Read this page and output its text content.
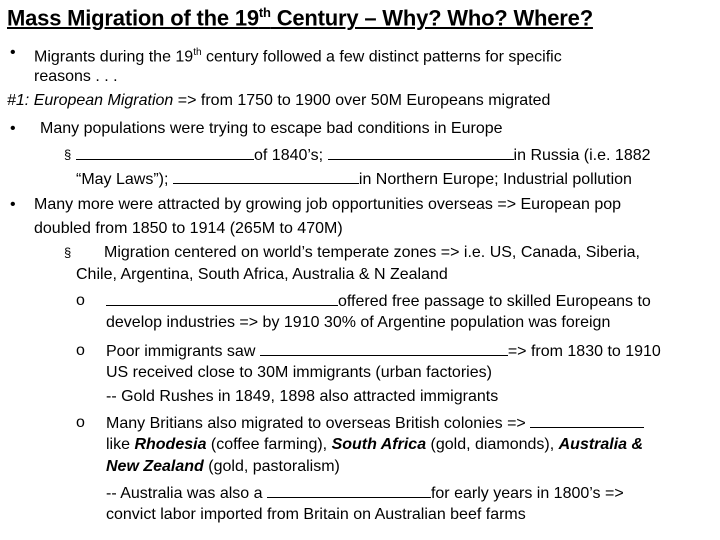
Mass Migration of the 19th Century – Why? Who? Where?
• Migrants during the 19th century followed a few distinct patterns for specific
reasons . . .
#1: European Migration => from 1750 to 1900 over 50M Europeans migrated
• Many populations were trying to escape bad conditions in Europe
§	of 1840’s;	in Russia (i.e. 1882
“May Laws”);	in Northern Europe; Industrial pollution
• Many more were attracted by growing job opportunities overseas => European pop
doubled from 1850 to 1914 (265M to 470M)
§ Migration centered on world’s temperate zones => i.e. US, Canada, Siberia,
Chile, Argentina, South Africa, Australia & N Zealand
o	offered free passage to skilled Europeans to
develop industries => by 1910 30% of Argentine population was foreign
o Poor immigrants saw	=> from 1830 to 1910
US received close to 30M immigrants (urban factories)
-- Gold Rushes in 1849, 1898 also attracted immigrants
o Many Britians also migrated to overseas British colonies =>
like Rhodesia (coffee farming), South Africa (gold, diamonds), Australia &
New Zealand (gold, pastoralism)
-- Australia was also a	for early years in 1800’s =>
convict labor imported from Britain on Australian beef farms
